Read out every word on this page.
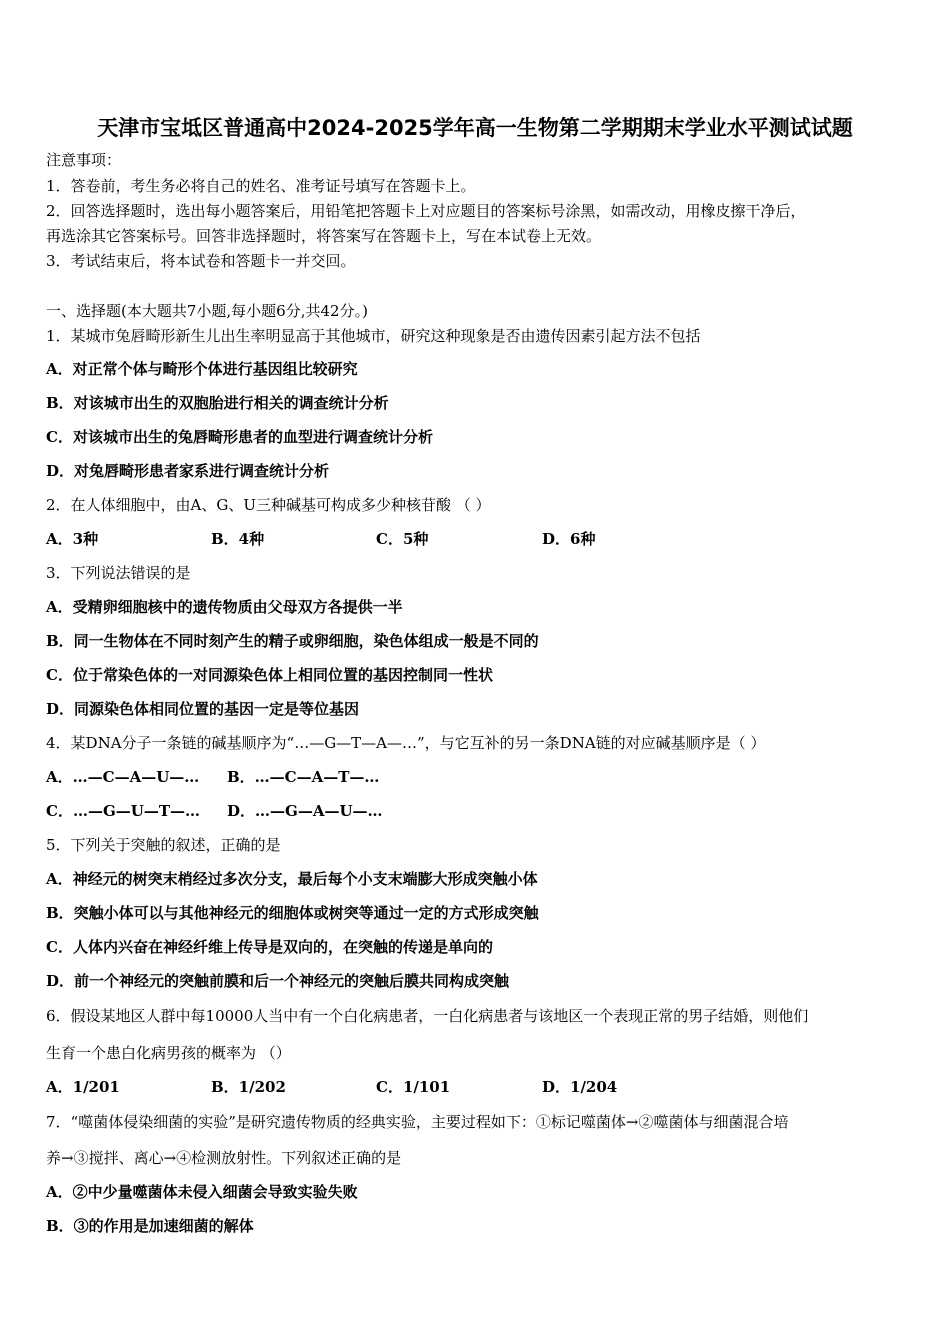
天津市宝坻区普通高中2024-2025学年高一生物第二学期期末学业水平测试试题
注意事项：
1．答卷前，考生务必将自己的姓名、准考证号填写在答题卡上。
2．回答选择题时，选出每小题答案后，用铅笔把答题卡上对应题目的答案标号涂黑，如需改动，用橡皮擦干净后，
再选涂其它答案标号。回答非选择题时，将答案写在答题卡上，写在本试卷上无效。
3．考试结束后，将本试卷和答题卡一并交回。
一、选择题(本大题共7小题,每小题6分,共42分。)
1．某城市兔唇畸形新生儿出生率明显高于其他城市，研究这种现象是否由遗传因素引起方法不包括
A．对正常个体与畸形个体进行基因组比较研究
B．对该城市出生的双胞胎进行相关的调查统计分析
C．对该城市出生的兔唇畸形患者的血型进行调查统计分析
D．对兔唇畸形患者家系进行调查统计分析
2．在人体细胞中，由A、G、U三种碱基可构成多少种核苷酸 （ ）
A．3种	B．4种	C．5种	D．6种
3．下列说法错误的是
A．受精卵细胞核中的遗传物质由父母双方各提供一半
B．同一生物体在不同时刻产生的精子或卵细胞，染色体组成一般是不同的
C．位于常染色体的一对同源染色体上相同位置的基因控制同一性状
D．同源染色体相同位置的基因一定是等位基因
4．某DNA分子一条链的碱基顺序为“…—G—T—A—…”，与它互补的另一条DNA链的对应碱基顺序是（ ）
A．…—C—A—U—… B．…—C—A—T—…
C．…—G—U—T—… D．…—G—A—U—…
5．下列关于突触的叙述，正确的是
A．神经元的树突末梢经过多次分支，最后每个小支末端膨大形成突触小体
B．突触小体可以与其他神经元的细胞体或树突等通过一定的方式形成突触
C．人体内兴奋在神经纤维上传导是双向的，在突触的传递是单向的
D．前一个神经元的突触前膜和后一个神经元的突触后膜共同构成突触
6．假设某地区人群中每10000人当中有一个白化病患者，一白化病患者与该地区一个表现正常的男子结婚，则他们
生育一个患白化病男孩的概率为 （）
A．1/201	B．1/202	C．1/101	D．1/204
7．“噬菌体侵染细菌的实验”是研究遗传物质的经典实验，主要过程如下：①标记噬菌体→②噬菌体与细菌混合培
养→③搅拌、离心→④检测放射性。下列叙述正确的是
A．②中少量噬菌体未侵入细菌会导致实验失败
B．③的作用是加速细菌的解体
